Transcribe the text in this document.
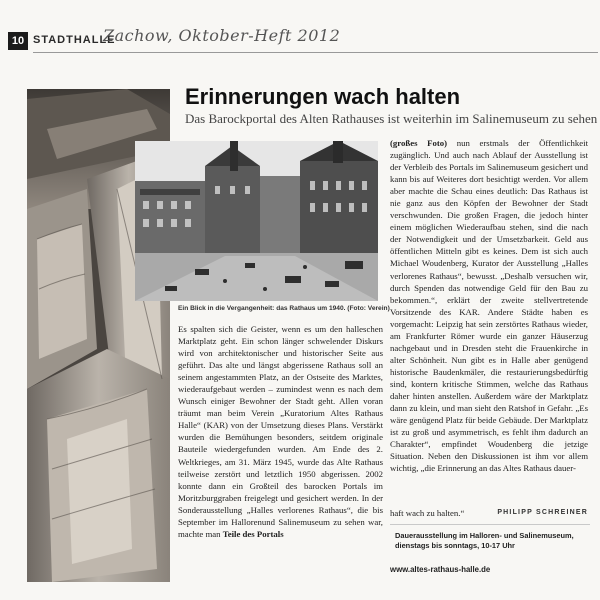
10 STADTHALLE
Zachow, Oktober-Heft 2012
Erinnerungen wach halten
Das Barockportal des Alten Rathauses ist weiterhin im Salinemuseum zu sehen
Ein Blick in die Vergangenheit: das Rathaus um 1940. (Foto: Verein)

Es spalten sich die Geister, wenn es um den halleschen Marktplatz geht. Ein schon länger schwelender Diskurs wird von architektonischer und historischer Seite aus geführt. Das alte und längst abgerissene Rathaus soll an seinem angestammten Platz, an der Ostseite des Marktes, wiederaufgebaut werden – zumindest wenn es nach dem Wunsch einiger Bewohner der Stadt geht. Allen voran träumt man beim Verein „Kuratorium Altes Rathaus Halle“ (KAR) von der Umsetzung dieses Plans. Verstärkt wurden die Bemühungen besonders, seitdem originale Bauteile wiedergefunden wurden. Am Ende des 2. Weltkrieges, am 31. März 1945, wurde das Alte Rathaus teilweise zerstört und letztlich 1950 abgerissen. 2002 konnte dann ein Großteil des barocken Portals im Moritzburggraben freigelegt und gesichert werden. In der Sonderausstellung „Halles verlorenes Rathaus“, die bis September im Hallorenund Salinemuseum zu sehen war, machte man Teile des Portals

(großes Foto) nun erstmals der Öffentlichkeit zugänglich. Und auch nach Ablauf der Ausstellung ist der Verbleib des Portals im Salinemuseum gesichert und kann bis auf Weiteres dort besichtigt werden. Vor allem aber machte die Schau eines deutlich: Das Rathaus ist nie ganz aus den Köpfen der Bewohner der Stadt verschwunden. Die großen Fragen, die jedoch hinter einem möglichen Wiederaufbau stehen, sind die nach der Notwendigkeit und der Umsetzbarkeit. Geld aus öffentlichen Mitteln gibt es keines. Dem ist sich auch Michael Woudenberg, Kurator der Ausstellung „Halles verlorenes Rathaus“, bewusst. „Deshalb versuchen wir, durch Spenden das notwendige Geld für den Bau zu bekommen.“, erklärt der zweite stellvertretende Vorsitzende des KAR. Andere Städte haben es vorgemacht: Leipzig hat sein zerstörtes Rathaus wieder, am Frankfurter Römer wurde ein ganzer Häuserzug nachgebaut und in Dresden steht die Frauenkirche in alter Schönheit. Nun gibt es in Halle aber genügend historische Baudenkmäler, die restaurierungsbedürftig sind, kontern kritische Stimmen, welche das Rathaus daher hinten anstellen. Außerdem wäre der Marktplatz dann zu klein, und man sieht den Ratshof in Gefahr. „Es wäre genügend Platz für beide Gebäude. Der Marktplatz ist zu groß und asymmetrisch, es fehlt ihm dadurch an Charakter“, empfindet Woudenberg die jetzige Situation. Neben den Diskussionen ist ihm vor allem wichtig, „die Erinnerung an das Altes Rathaus dauer-

haft wach zu halten.“	PHILIPP SCHREINER
Dauerausstellung im Halloren- und Salinemuseum,
dienstags bis sonntags, 10-17 Uhr
www.altes-rathaus-halle.de
